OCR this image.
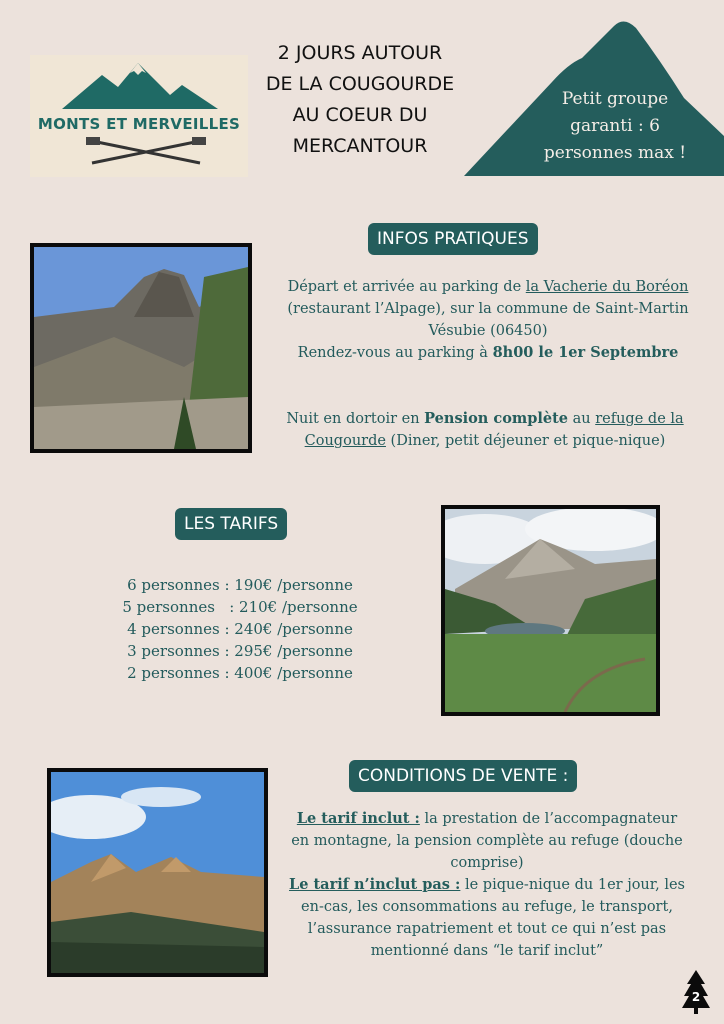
MONTS ET MERVEILLES
2 JOURS AUTOUR
DE LA COUGOURDE
AU COEUR DU
MERCANTOUR
Petit groupe
garanti : 6
personnes max !
INFOS PRATIQUES
Départ et arrivée au parking de la Vacherie du Boréon (restaurant l’Alpage), sur la commune de Saint-Martin Vésubie (06450)
Rendez-vous au parking à 8h00 le 1er Septembre
Nuit en dortoir en Pension complète au refuge de la Cougourde (Diner, petit déjeuner et pique-nique)
LES TARIFS
6 personnes : 190€ /personne
5 personnes   : 210€ /personne
4 personnes : 240€ /personne
3 personnes : 295€ /personne
2 personnes : 400€ /personne
CONDITIONS DE VENTE :
Le tarif inclut : la prestation de l’accompagnateur en montagne, la pension complète au refuge (douche comprise)
Le tarif n’inclut pas : le pique-nique du 1er jour, les en-cas, les consommations au refuge, le transport, l’assurance rapatriement et tout ce qui n’est pas mentionné dans “le tarif inclut”
2
